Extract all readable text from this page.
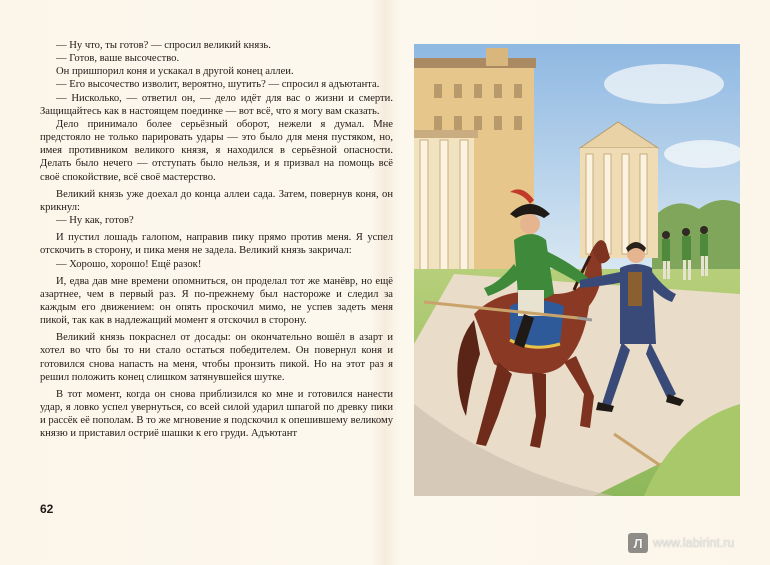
— Ну что, ты готов? — спросил великий князь.

— Готов, ваше высочество.

Он пришпорил коня и ускакал в другой конец аллеи.

— Его высочество изволит, вероятно, шутить? — спросил я адъютанта.

— Нисколько, — ответил он, — дело идёт для вас о жизни и смерти. Защищайтесь как в настоящем поединке — вот всё, что я могу вам сказать.

Дело принимало более серьёзный оборот, нежели я думал. Мне предстояло не только парировать удары — это было для меня пустяком, но, имея противником великого князя, я находился в серьёзной опасности. Делать было нечего — отступать было нельзя, и я призвал на помощь всё своё спокойствие, всё своё мастерство.

Великий князь уже доехал до конца аллеи сада. Затем, повернув коня, он крикнул:

— Ну как, готов?

И пустил лошадь галопом, направив пику прямо против меня. Я успел отскочить в сторону, и пика меня не задела. Великий князь закричал:

— Хорошо, хорошо! Ещё разок!

И, едва дав мне времени опомниться, он проделал тот же манёвр, но ещё азартнее, чем в первый раз. Я по-прежнему был настороже и следил за каждым его движением: он опять проскочил мимо, не успев задеть меня пикой, так как в надлежащий момент я отскочил в сторону.

Великий князь покраснел от досады: он окончательно вошёл в азарт и хотел во что бы то ни стало остаться победителем. Он повернул коня и готовился снова напасть на меня, чтобы пронзить пикой. Но на этот раз я решил положить конец слишком затянувшейся шутке.

В тот момент, когда он снова приблизился ко мне и готовился нанести удар, я ловко успел увернуться, со всей силой ударил шпагой по древку пики и рассёк её пополам. В то же мгновение я подскочил к опешившему великому князю и приставил остриё шашки к его груди. Адъютант

62
Л www.labirint.ru
